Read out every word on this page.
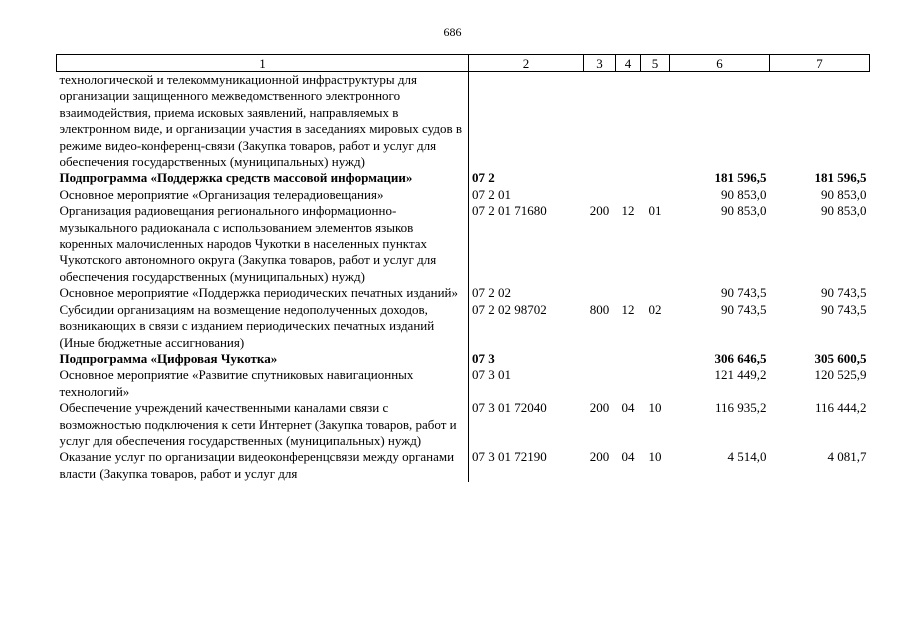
686
1	2	3	4	5	6	7
технологической и телекоммуникационной инфраструктуры для организации защищенного межведомственного электронного взаимодействия, приема исковых заявлений, направляемых в электронном виде, и организации участия в заседаниях мировых судов в режиме видео-конференц-связи (Закупка товаров, работ и услуг для обеспечения государственных (муниципальных) нужд)						
Подпрограмма «Поддержка средств массовой информации»	07 2				181 596,5	181 596,5
Основное мероприятие «Организация телерадиовещания»	07 2 01				90 853,0	90 853,0
Организация радиовещания регионального информационно-музыкального радиоканала с использованием элементов языков коренных малочисленных народов Чукотки в населенных пунктах Чукотского автономного округа (Закупка товаров, работ и услуг для обеспечения государственных (муниципальных) нужд)	07 2 01 71680	200	12	01	90 853,0	90 853,0
Основное мероприятие «Поддержка периодических печатных изданий»	07 2 02				90 743,5	90 743,5
Субсидии организациям на возмещение недополученных доходов, возникающих в связи с изданием периодических печатных изданий (Иные бюджетные ассигнования)	07 2 02 98702	800	12	02	90 743,5	90 743,5
Подпрограмма «Цифровая Чукотка»	07 3				306 646,5	305 600,5
Основное мероприятие «Развитие спутниковых навигационных технологий»	07 3 01				121 449,2	120 525,9
Обеспечение учреждений качественными каналами связи с возможностью подключения к сети Интернет (Закупка товаров, работ и услуг для обеспечения государственных (муниципальных) нужд)	07 3 01 72040	200	04	10	116 935,2	116 444,2
Оказание услуг по организации видеоконференцсвязи между органами власти (Закупка товаров, работ и услуг для	07 3 01 72190	200	04	10	4 514,0	4 081,7
